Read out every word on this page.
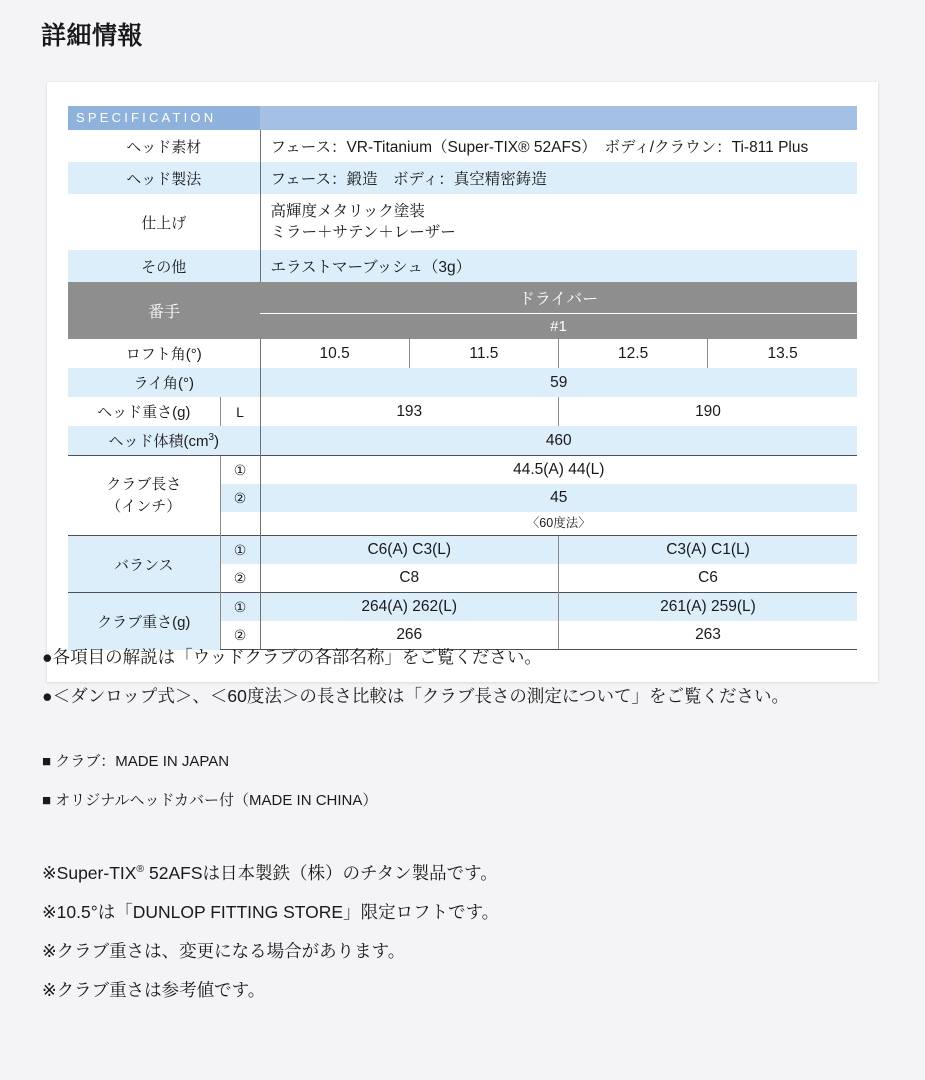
詳細情報
SPECIFICATION					
ヘッド素材		フェース：VR-Titanium（Super-TIX® 52AFS）　ボディ/クラウン：Ti-811 Plus			
ヘッド製法		フェース：鍛造　ボディ：真空精密鋳造			
仕上げ		高輝度メタリック塗装
ミラー＋サテン＋レーザー			

その他		エラストマーブッシュ（3g）			
番手		ドライバー			
		#1			
ロフト角(°)		10.5	11.5	12.5	13.5
ライ角(°)		59			
ヘッド重さ(g)	L	193		190	
ヘッド体積$(cm^3)$		460			

クラブ長さ
（インチ）	①	44.5(A) 44(L)			
	②	45			
		〈60度法〉			
バランス	①	C6(A) C3(L)		C3(A) C1(L)	
	②	C8		C6	
クラブ重さ(g)	①	264(A) 262(L)		261(A) 259(L)	
	②	266		263	

●各項目の解説は「ウッドクラブの各部名称」をご覧ください。

●＜ダンロップ式＞、＜60度法＞の長さ比較は「クラブ長さの測定について」をご覧ください。

■ クラブ：MADE IN JAPAN

■ オリジナルヘッドカバー付（MADE IN CHINA）

※Super-TIX® 52AFSは日本製鉄（株）のチタン製品です。

※10.5°は「DUNLOP FITTING STORE」限定ロフトです。

※クラブ重さは、変更になる場合があります。

※クラブ重さは参考値です。
